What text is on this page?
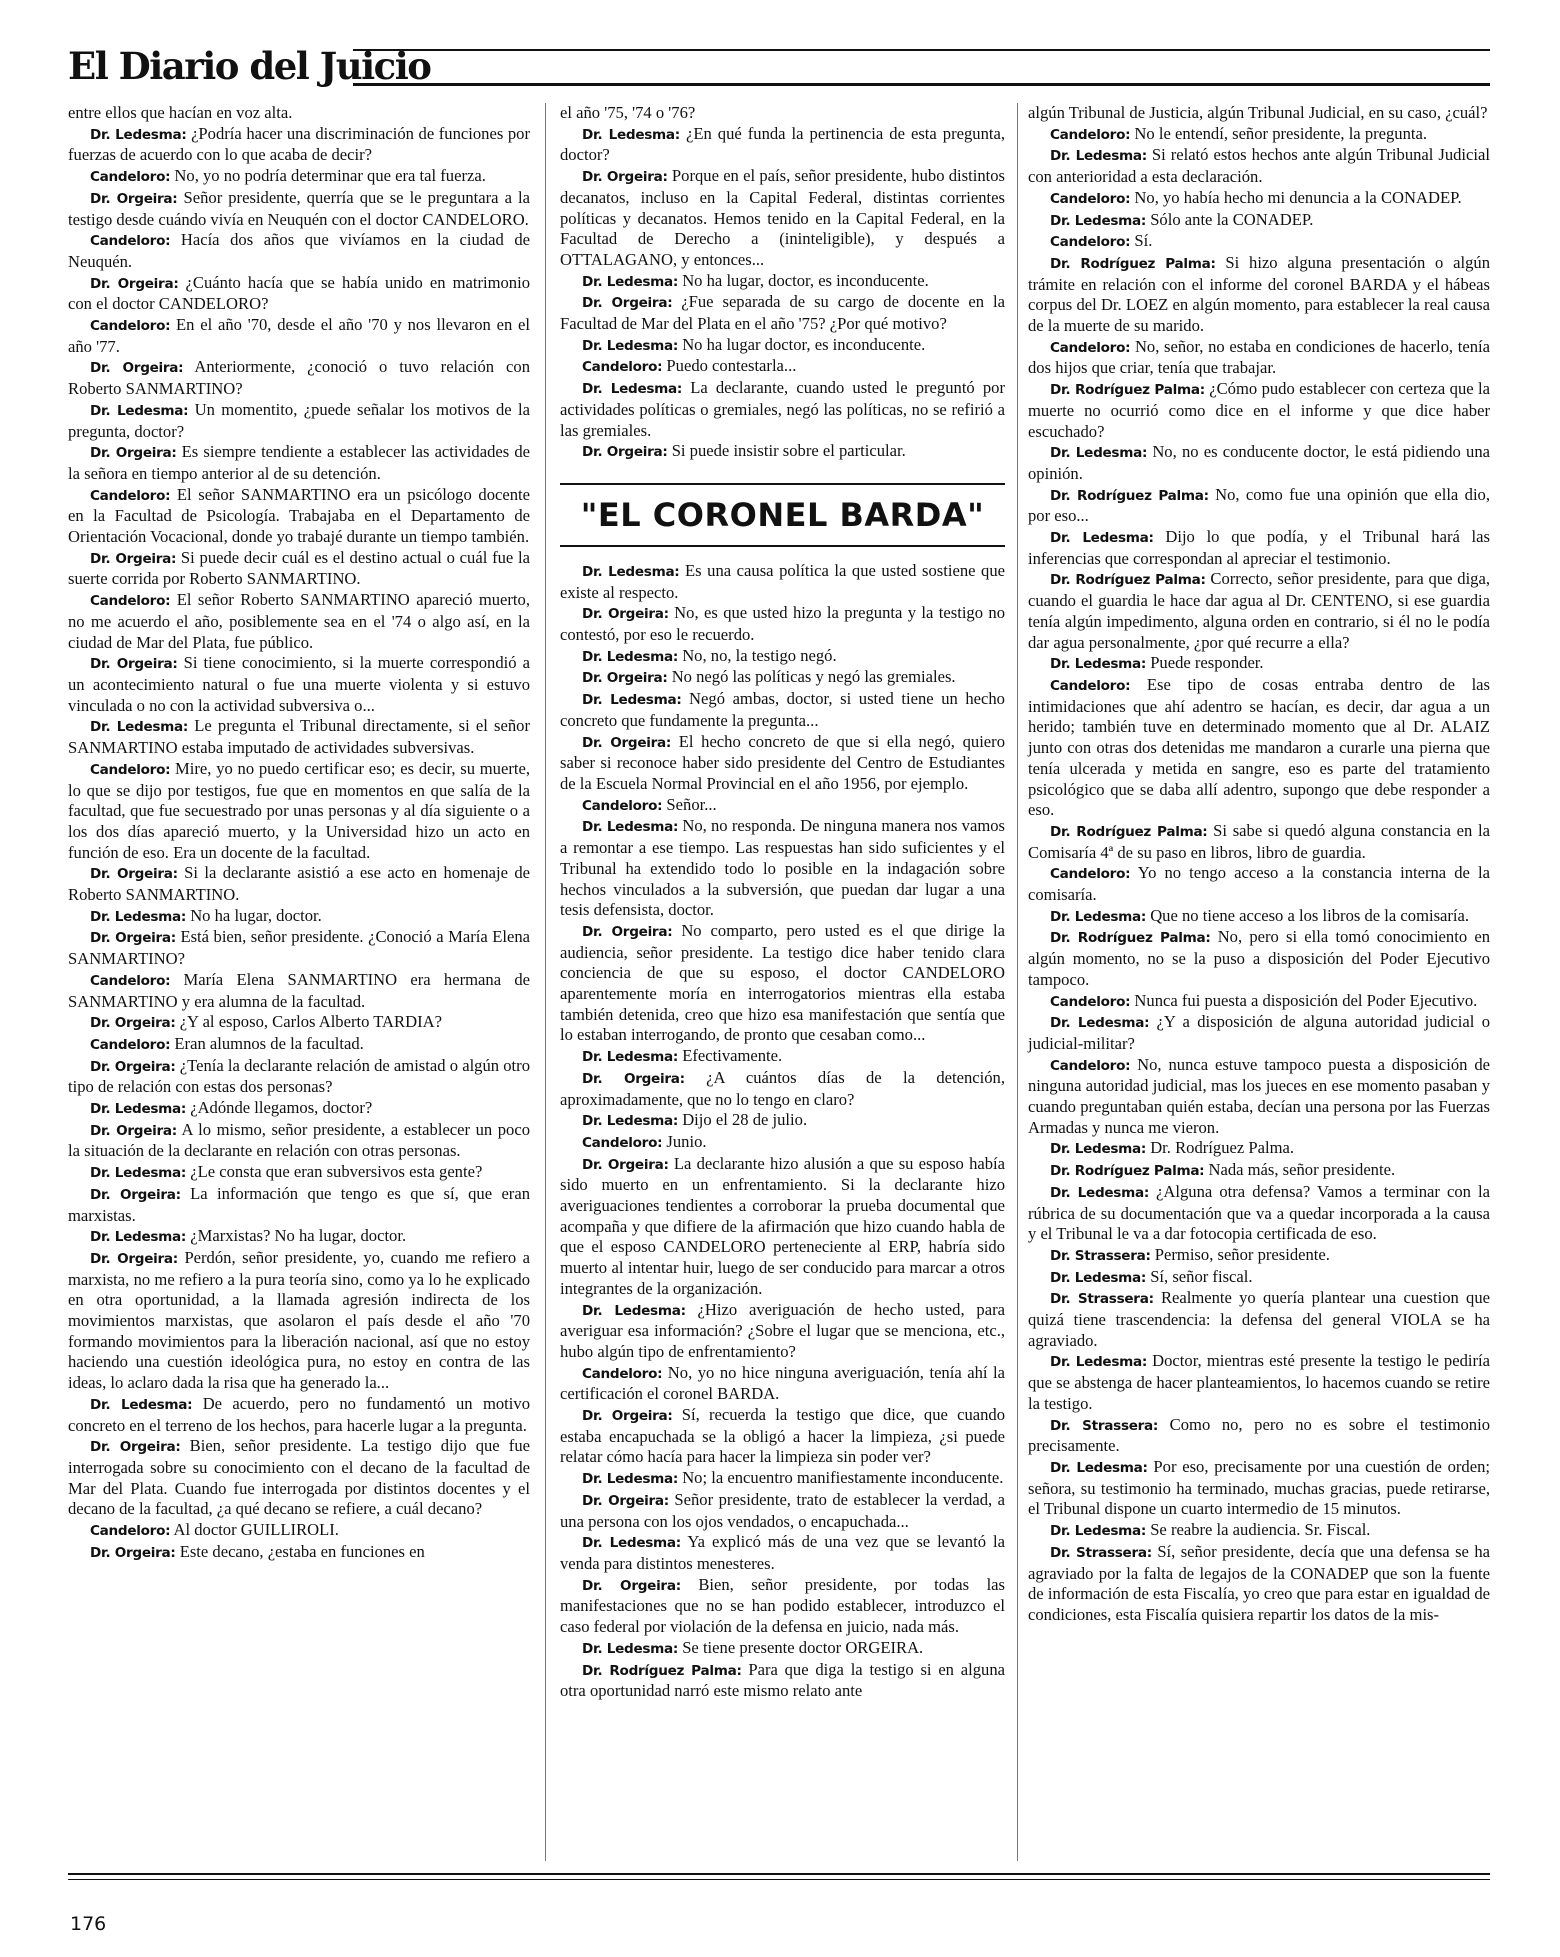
El Diario del Juicio

entre ellos que hacían en voz alta.

Dr. Ledesma: ¿Podría hacer una discriminación de funciones por fuerzas de acuerdo con lo que acaba de decir?

Candeloro: No, yo no podría determinar que era tal fuerza.

Dr. Orgeira: Señor presidente, querría que se le preguntara a la testigo desde cuándo vivía en Neuquén con el doctor CANDELORO.

Candeloro: Hacía dos años que vivíamos en la ciudad de Neuquén.

Dr. Orgeira: ¿Cuánto hacía que se había unido en matrimonio con el doctor CANDELORO?

Candeloro: En el año '70, desde el año '70 y nos llevaron en el año '77.

Dr. Orgeira: Anteriormente, ¿conoció o tuvo relación con Roberto SANMARTINO?

Dr. Ledesma: Un momentito, ¿puede señalar los motivos de la pregunta, doctor?

Dr. Orgeira: Es siempre tendiente a establecer las actividades de la señora en tiempo anterior al de su detención.

Candeloro: El señor SANMARTINO era un psicólogo docente en la Facultad de Psicología. Trabajaba en el Departamento de Orientación Vocacional, donde yo trabajé durante un tiempo también.

Dr. Orgeira: Si puede decir cuál es el destino actual o cuál fue la suerte corrida por Roberto SANMARTINO.

Candeloro: El señor Roberto SANMARTINO apareció muerto, no me acuerdo el año, posiblemente sea en el '74 o algo así, en la ciudad de Mar del Plata, fue público.

Dr. Orgeira: Si tiene conocimiento, si la muerte correspondió a un acontecimiento natural o fue una muerte violenta y si estuvo vinculada o no con la actividad subversiva o...

Dr. Ledesma: Le pregunta el Tribunal directamente, si el señor SANMARTINO estaba imputado de actividades subversivas.

Candeloro: Mire, yo no puedo certificar eso; es decir, su muerte, lo que se dijo por testigos, fue que en momentos en que salía de la facultad, que fue secuestrado por unas personas y al día siguiente o a los dos días apareció muerto, y la Universidad hizo un acto en función de eso. Era un docente de la facultad.

Dr. Orgeira: Si la declarante asistió a ese acto en homenaje de Roberto SANMARTINO.

Dr. Ledesma: No ha lugar, doctor.

Dr. Orgeira: Está bien, señor presidente. ¿Conoció a María Elena SANMARTINO?

Candeloro: María Elena SANMARTINO era hermana de SANMARTINO y era alumna de la facultad.

Dr. Orgeira: ¿Y al esposo, Carlos Alberto TARDIA?

Candeloro: Eran alumnos de la facultad.

Dr. Orgeira: ¿Tenía la declarante relación de amistad o algún otro tipo de relación con estas dos personas?

Dr. Ledesma: ¿Adónde llegamos, doctor?

Dr. Orgeira: A lo mismo, señor presidente, a establecer un poco la situación de la declarante en relación con otras personas.

Dr. Ledesma: ¿Le consta que eran subversivos esta gente?

Dr. Orgeira: La información que tengo es que sí, que eran marxistas.

Dr. Ledesma: ¿Marxistas? No ha lugar, doctor.

Dr. Orgeira: Perdón, señor presidente, yo, cuando me refiero a marxista, no me refiero a la pura teoría sino, como ya lo he explicado en otra oportunidad, a la llamada agresión indirecta de los movimientos marxistas, que asolaron el país desde el año '70 formando movimientos para la liberación nacional, así que no estoy haciendo una cuestión ideológica pura, no estoy en contra de las ideas, lo aclaro dada la risa que ha generado la...

Dr. Ledesma: De acuerdo, pero no fundamentó un motivo concreto en el terreno de los hechos, para hacerle lugar a la pregunta.

Dr. Orgeira: Bien, señor presidente. La testigo dijo que fue interrogada sobre su conocimiento con el decano de la facultad de Mar del Plata. Cuando fue interrogada por distintos docentes y el decano de la facultad, ¿a qué decano se refiere, a cuál decano?

Candeloro: Al doctor GUILLIROLI.

Dr. Orgeira: Este decano, ¿estaba en funciones en

el año '75, '74 o '76?

Dr. Ledesma: ¿En qué funda la pertinencia de esta pregunta, doctor?

Dr. Orgeira: Porque en el país, señor presidente, hubo distintos decanatos, incluso en la Capital Federal, distintas corrientes políticas y decanatos. Hemos tenido en la Capital Federal, en la Facultad de Derecho a (ininteligible), y después a OTTALAGANO, y entonces...

Dr. Ledesma: No ha lugar, doctor, es inconducente.

Dr. Orgeira: ¿Fue separada de su cargo de docente en la Facultad de Mar del Plata en el año '75? ¿Por qué motivo?

Dr. Ledesma: No ha lugar doctor, es inconducente.

Candeloro: Puedo contestarla...

Dr. Ledesma: La declarante, cuando usted le preguntó por actividades políticas o gremiales, negó las políticas, no se refirió a las gremiales.

Dr. Orgeira: Si puede insistir sobre el particular.

"EL CORONEL BARDA"

Dr. Ledesma: Es una causa política la que usted sostiene que existe al respecto.

Dr. Orgeira: No, es que usted hizo la pregunta y la testigo no contestó, por eso le recuerdo.

Dr. Ledesma: No, no, la testigo negó.

Dr. Orgeira: No negó las políticas y negó las gremiales.

Dr. Ledesma: Negó ambas, doctor, si usted tiene un hecho concreto que fundamente la pregunta...

Dr. Orgeira: El hecho concreto de que si ella negó, quiero saber si reconoce haber sido presidente del Centro de Estudiantes de la Escuela Normal Provincial en el año 1956, por ejemplo.

Candeloro: Señor...

Dr. Ledesma: No, no responda. De ninguna manera nos vamos a remontar a ese tiempo. Las respuestas han sido suficientes y el Tribunal ha extendido todo lo posible en la indagación sobre hechos vinculados a la subversión, que puedan dar lugar a una tesis defensista, doctor.

Dr. Orgeira: No comparto, pero usted es el que dirige la audiencia, señor presidente. La testigo dice haber tenido clara conciencia de que su esposo, el doctor CANDELORO aparentemente moría en interrogatorios mientras ella estaba también detenida, creo que hizo esa manifestación que sentía que lo estaban interrogando, de pronto que cesaban como...

Dr. Ledesma: Efectivamente.

Dr. Orgeira: ¿A cuántos días de la detención, aproximadamente, que no lo tengo en claro?

Dr. Ledesma: Dijo el 28 de julio.

Candeloro: Junio.

Dr. Orgeira: La declarante hizo alusión a que su esposo había sido muerto en un enfrentamiento. Si la declarante hizo averiguaciones tendientes a corroborar la prueba documental que acompaña y que difiere de la afirmación que hizo cuando habla de que el esposo CANDELORO perteneciente al ERP, habría sido muerto al intentar huir, luego de ser conducido para marcar a otros integrantes de la organización.

Dr. Ledesma: ¿Hizo averiguación de hecho usted, para averiguar esa información? ¿Sobre el lugar que se menciona, etc., hubo algún tipo de enfrentamiento?

Candeloro: No, yo no hice ninguna averiguación, tenía ahí la certificación el coronel BARDA.

Dr. Orgeira: Sí, recuerda la testigo que dice, que cuando estaba encapuchada se la obligó a hacer la limpieza, ¿si puede relatar cómo hacía para hacer la limpieza sin poder ver?

Dr. Ledesma: No; la encuentro manifiestamente inconducente.

Dr. Orgeira: Señor presidente, trato de establecer la verdad, a una persona con los ojos vendados, o encapuchada...

Dr. Ledesma: Ya explicó más de una vez que se levantó la venda para distintos menesteres.

Dr. Orgeira: Bien, señor presidente, por todas las manifestaciones que no se han podido establecer, introduzco el caso federal por violación de la defensa en juicio, nada más.

Dr. Ledesma: Se tiene presente doctor ORGEIRA.

Dr. Rodríguez Palma: Para que diga la testigo si en alguna otra oportunidad narró este mismo relato ante

algún Tribunal de Justicia, algún Tribunal Judicial, en su caso, ¿cuál?

Candeloro: No le entendí, señor presidente, la pregunta.

Dr. Ledesma: Si relató estos hechos ante algún Tribunal Judicial con anterioridad a esta declaración.

Candeloro: No, yo había hecho mi denuncia a la CONADEP.

Dr. Ledesma: Sólo ante la CONADEP.

Candeloro: Sí.

Dr. Rodríguez Palma: Si hizo alguna presentación o algún trámite en relación con el informe del coronel BARDA y el hábeas corpus del Dr. LOEZ en algún momento, para establecer la real causa de la muerte de su marido.

Candeloro: No, señor, no estaba en condiciones de hacerlo, tenía dos hijos que criar, tenía que trabajar.

Dr. Rodríguez Palma: ¿Cómo pudo establecer con certeza que la muerte no ocurrió como dice en el informe y que dice haber escuchado?

Dr. Ledesma: No, no es conducente doctor, le está pidiendo una opinión.

Dr. Rodríguez Palma: No, como fue una opinión que ella dio, por eso...

Dr. Ledesma: Dijo lo que podía, y el Tribunal hará las inferencias que correspondan al apreciar el testimonio.

Dr. Rodríguez Palma: Correcto, señor presidente, para que diga, cuando el guardia le hace dar agua al Dr. CENTENO, si ese guardia tenía algún impedimento, alguna orden en contrario, si él no le podía dar agua personalmente, ¿por qué recurre a ella?

Dr. Ledesma: Puede responder.

Candeloro: Ese tipo de cosas entraba dentro de las intimidaciones que ahí adentro se hacían, es decir, dar agua a un herido; también tuve en determinado momento que al Dr. ALAIZ junto con otras dos detenidas me mandaron a curarle una pierna que tenía ulcerada y metida en sangre, eso es parte del tratamiento psicológico que se daba allí adentro, supongo que debe responder a eso.

Dr. Rodríguez Palma: Si sabe si quedó alguna constancia en la Comisaría 4ª de su paso en libros, libro de guardia.

Candeloro: Yo no tengo acceso a la constancia interna de la comisaría.

Dr. Ledesma: Que no tiene acceso a los libros de la comisaría.

Dr. Rodríguez Palma: No, pero si ella tomó conocimiento en algún momento, no se la puso a disposición del Poder Ejecutivo tampoco.

Candeloro: Nunca fui puesta a disposición del Poder Ejecutivo.

Dr. Ledesma: ¿Y a disposición de alguna autoridad judicial o judicial-militar?

Candeloro: No, nunca estuve tampoco puesta a disposición de ninguna autoridad judicial, mas los jueces en ese momento pasaban y cuando preguntaban quién estaba, decían una persona por las Fuerzas Armadas y nunca me vieron.

Dr. Ledesma: Dr. Rodríguez Palma.

Dr. Rodríguez Palma: Nada más, señor presidente.

Dr. Ledesma: ¿Alguna otra defensa? Vamos a terminar con la rúbrica de su documentación que va a quedar incorporada a la causa y el Tribunal le va a dar fotocopia certificada de eso.

Dr. Strassera: Permiso, señor presidente.

Dr. Ledesma: Sí, señor fiscal.

Dr. Strassera: Realmente yo quería plantear una cuestion que quizá tiene trascendencia: la defensa del general VIOLA se ha agraviado.

Dr. Ledesma: Doctor, mientras esté presente la testigo le pediría que se abstenga de hacer planteamientos, lo hacemos cuando se retire la testigo.

Dr. Strassera: Como no, pero no es sobre el testimonio precisamente.

Dr. Ledesma: Por eso, precisamente por una cuestión de orden; señora, su testimonio ha terminado, muchas gracias, puede retirarse, el Tribunal dispone un cuarto intermedio de 15 minutos.

Dr. Ledesma: Se reabre la audiencia. Sr. Fiscal.

Dr. Strassera: Sí, señor presidente, decía que una defensa se ha agraviado por la falta de legajos de la CONADEP que son la fuente de información de esta Fiscalía, yo creo que para estar en igualdad de condiciones, esta Fiscalía quisiera repartir los datos de la mis-

176
